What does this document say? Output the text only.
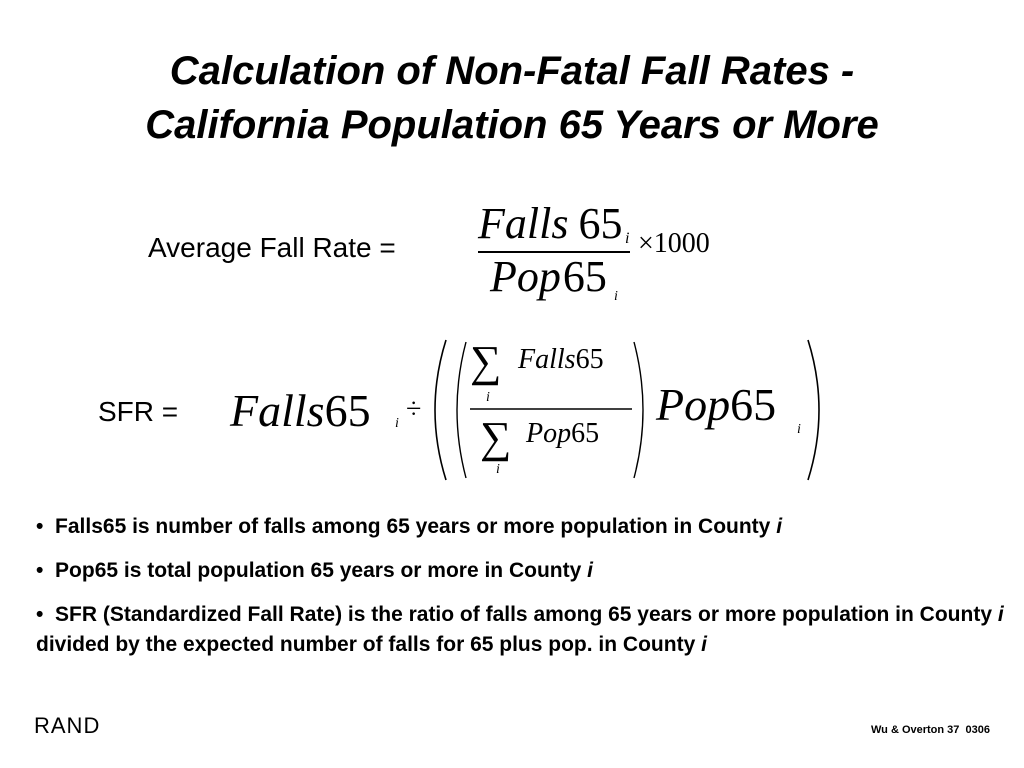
Calculation of Non-Fatal Fall Rates -
California Population 65 Years or More
Average Fall Rate = Falls 65 i ×1000
Pop65 i
SFR = Falls65 i ÷
∑
i
Falls65
∑
i
Pop65
Pop65 i

•  Falls65 is number of falls among 65 years or more population in County i

•  Pop65 is total population 65 years or more in County i

•  SFR (Standardized Fall Rate) is the ratio of falls among 65 years or more population in County i divided by the expected number of falls for 65 plus pop. in County i

RAND	Wu & Overton 37  0306
